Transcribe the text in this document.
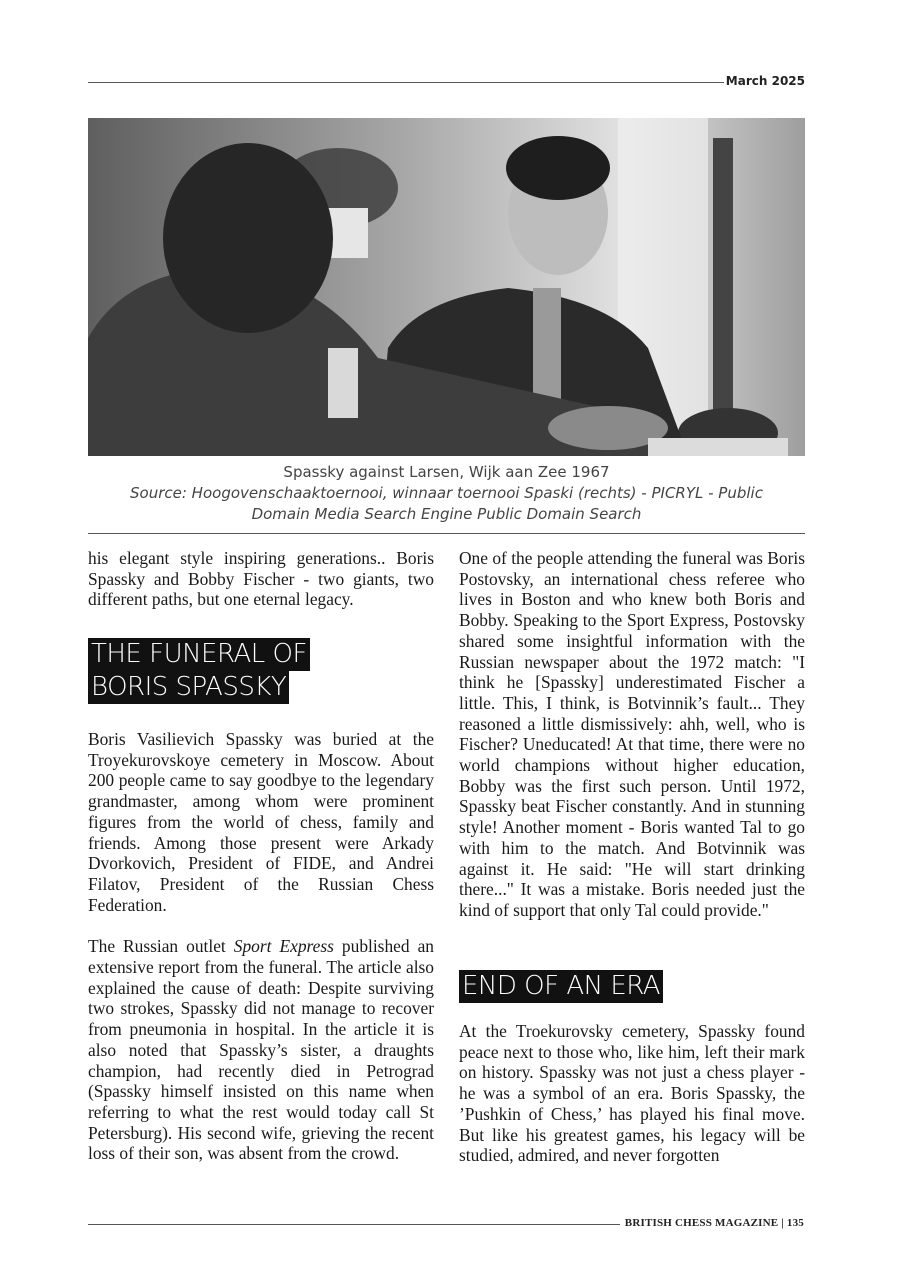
March 2025
Spassky against Larsen, Wijk aan Zee 1967
Source: Hoogovenschaaktoernooi, winnaar toernooi Spaski (rechts) - PICRYL - Public
Domain Media Search Engine Public Domain Search

his elegant style inspiring generations.. Boris Spassky and Bobby Fischer - two giants, two different paths, but one eternal legacy.

THE FUNERAL OF
BORIS SPASSKY

Boris Vasilievich Spassky was buried at the Troyekurovskoye cemetery in Moscow. About 200 people came to say goodbye to the legendary grandmaster, among whom were prominent figures from the world of chess, family and friends. Among those present were Arkady Dvorkovich, President of FIDE, and Andrei Filatov, President of the Russian Chess Federation.

The Russian outlet Sport Express published an extensive report from the funeral. The article also explained the cause of death: Despite surviving two strokes, Spassky did not manage to recover from pneumonia in hospital. In the article it is also noted that Spassky’s sister, a draughts champion, had recently died in Petrograd (Spassky himself insisted on this name when referring to what the rest would today call St Petersburg). His second wife, grieving the recent loss of their son, was absent from the crowd.

One of the people attending the funeral was Boris Postovsky, an international chess referee who lives in Boston and who knew both Boris and Bobby. Speaking to the Sport Express, Postovsky shared some insightful information with the Russian newspaper about the 1972 match: "I think he [Spassky] underestimated Fischer a little. This, I think, is Botvinnik’s fault... They reasoned a little dismissively: ahh, well, who is Fischer? Uneducated! At that time, there were no world champions without higher education, Bobby was the first such person. Until 1972, Spassky beat Fischer constantly. And in stunning style! Another moment - Boris wanted Tal to go with him to the match. And Botvinnik was against it. He said: "He will start drinking there..." It was a mistake. Boris needed just the kind of support that only Tal could provide."

END OF AN ERA

At the Troekurovsky cemetery, Spassky found peace next to those who, like him, left their mark on history. Spassky was not just a chess player - he was a symbol of an era. Boris Spassky, the ’Pushkin of Chess,’ has played his final move. But like his greatest games, his legacy will be studied, admired, and never forgotten

BRITISH CHESS MAGAZINE | 135
